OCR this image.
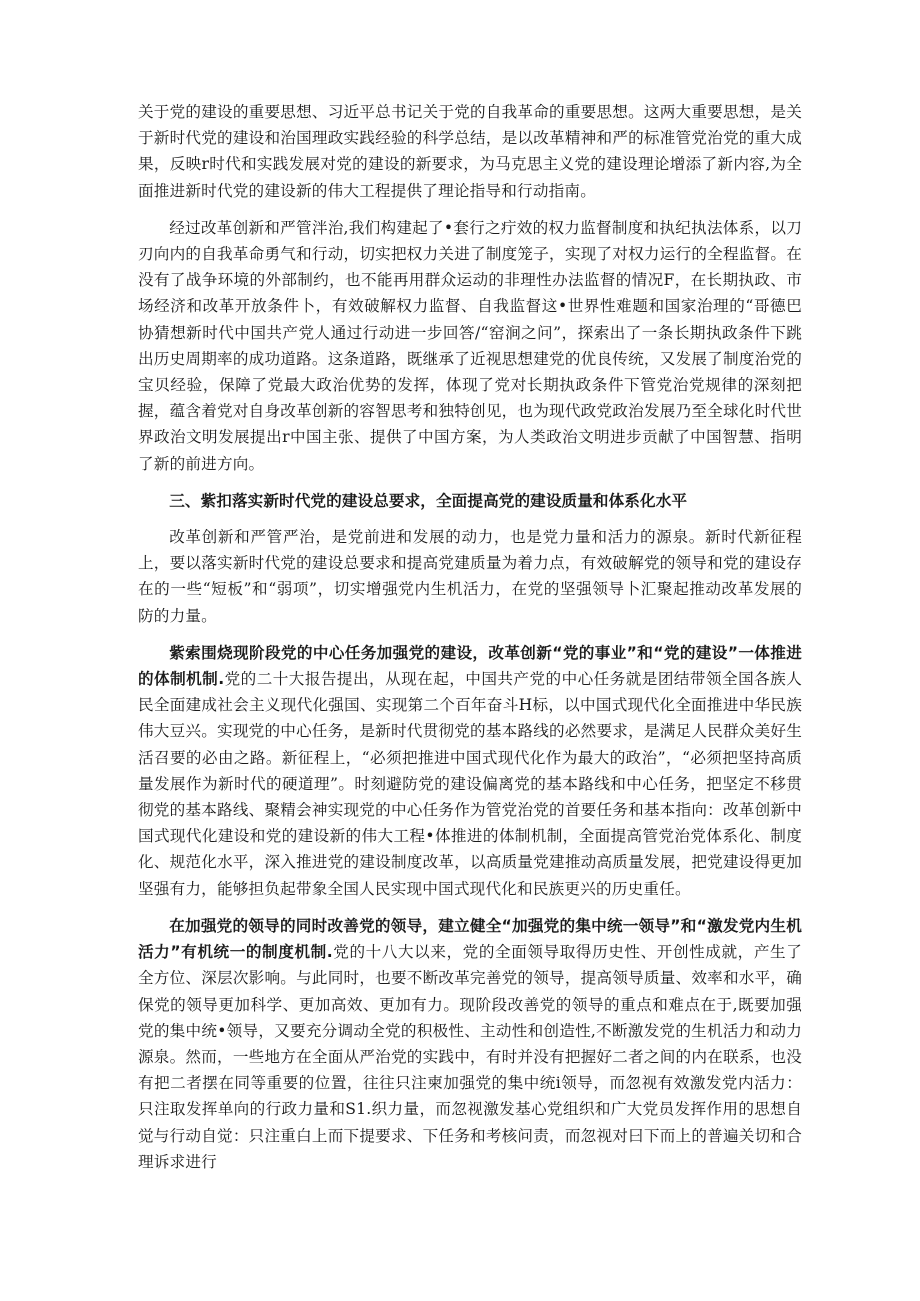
关于党的建设的重要思想、习近平总书记关于党的自我革命的重要思想。这两大重要思想，是关于新时代党的建设和治国理政实践经验的科学总结，是以改革精神和严的标准管党治党的重大成果，反映r时代和实践发展对党的建设的新要求，为马克思主义党的建设理论增添了新内容,为全面推进新时代党的建设新的伟大工程提供了理论指导和行动指南。

经过改革创新和严管泮治,我们构建起了•套行之疔效的权力监督制度和执纪执法体系，以刀刃向内的自我革命勇气和行动，切实把权力关进了制度笼子，实现了对权力运行的全程监督。在没有了战争环境的外部制约，也不能再用群众运动的非理性办法监督的情况F，在长期执政、市场经济和改革开放条件卜，有效破解权力监督、自我监督这•世界性难题和国家治理的“哥德巴协猜想新时代中国共产党人通过行动进一步回答/“窑涧之问”，探索出了一条长期执政条件下跳出历史周期率的成功道路。这条道路，既继承了近视思想建党的优良传统，又发展了制度治党的宝贝经验，保障了党最大政治优势的发挥，体现了党对长期执政条件下管党治党规律的深刻把握，蕴含着党对自身改革创新的容智思考和独特创见，也为现代政党政治发展乃至全球化时代世界政治文明发展提出r中国主张、提供了中国方案，为人类政治文明进步贡献了中国智慧、指明了新的前进方向。

三、紫扣落实新时代党的建设总要求，全面提高党的建设质量和体系化水平

改革创新和严管严治，是党前进和发展的动力，也是党力量和活力的源泉。新时代新征程上，要以落实新时代党的建设总要求和提高党建质量为着力点，有效破解党的领导和党的建设存在的一些“短板”和“弱项”，切实增强党内生机活力，在党的坚强领导卜汇聚起推动改革发展的防的力量。

紫索围烧现阶段党的中心任务加强党的建设，改革创新“党的事业”和“党的建设”一体推进的体制机制.党的二十大报告提出，从现在起，中国共产党的中心任务就是团结带领全国各族人民全面建成社会主义现代化强国、实现第二个百年奋斗H标，以中国式现代化全面推进中华民族伟大豆兴。实现党的中心任务，是新时代贯彻党的基本路线的必然要求，是满足人民群众美好生活召要的必由之路。新征程上，“必须把推进中国式现代化作为最大的政治”，“必须把坚持高质量发展作为新时代的硬道理”。时刻避防党的建设偏离党的基本路线和中心任务，把坚定不移贯彻党的基本路线、聚精会神实现党的中心任务作为管党治党的首要任务和基本指向：改革创新中国式现代化建设和党的建设新的伟大工程•体推进的体制机制，全面提高管党治党体系化、制度化、规范化水平，深入推进党的建设制度改革，以高质量党建推动高质量发展，把党建设得更加坚强有力，能够担负起带象全国人民实现中国式现代化和民族更兴的历史重任。

在加强党的领导的同时改善党的领导，建立健全“加强党的集中统一领导”和“激发党内生机活力”有机统一的制度机制.党的十八大以来，党的全面领导取得历史性、开创性成就，产生了全方位、深层次影响。与此同时，也要不断改革完善党的领导，提高领导质量、效率和水平，确保党的领导更加科学、更加高效、更加有力。现阶段改善党的领导的重点和难点在于,既要加强党的集中统•领导，又要充分调动全党的积极性、主动性和创造性,不断激发党的生机活力和动力源泉。然而，一些地方在全面从严治党的实践中，有时并没有把握好二者之间的内在联系，也没有把二者摆在同等重要的位置，往往只注柬加强党的集中统i领导，而忽视有效激发党内活力：只注取发挥单向的行政力量和S1.织力量，而忽视激发基心党组织和广大党员发挥作用的思想自觉与行动自觉：只注重白上而下提要求、下任务和考核问责，而忽视对曰下而上的普遍关切和合理诉求进行
